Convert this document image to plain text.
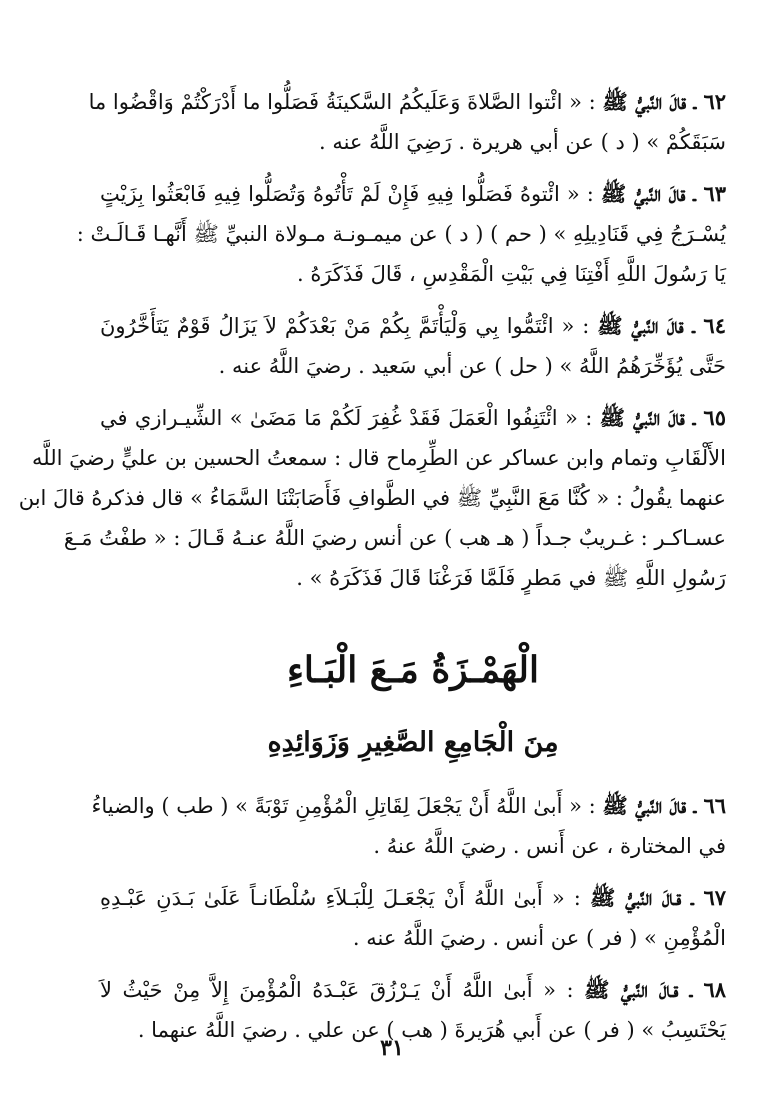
٦٢ ـ قالَ النَّبيُّ ﷺ : « ائْتوا الصَّلاةَ وَعَلَيكُمُ السَّكينَةُ فَصَلُّوا ما أَدْرَكْتُمْ وَاقْضُوا ما
سَبَقَكُمْ » ( د ) عن أبي هريرة . رَضِيَ اللَّهُ عنه .
٦٣ ـ قالَ النَّبيُّ ﷺ : « ائْتوهُ فَصَلُّوا فِيهِ فَإِنْ لَمْ تَأْتُوهُ وَتُصَلُّوا فِيهِ فَابْعَثُوا بِزَيْتٍ
يُسْـرَجُ فِي قَنَادِيلِهِ » ( حم ) ( د ) عن ميمـونـة مـولاة النبيِّ ﷺ أَنَّهـا قَـالَـتْ :
يَا رَسُولَ اللَّهِ أَفْتِنَا فِي بَيْتِ الْمَقْدِسِ ، قَالَ فَذَكَرَهُ .
٦٤ ـ قالَ النَّبيُّ ﷺ : « ائْتَمُّوا بِي وَلْيَأْتَمَّ بِكُمْ مَنْ بَعْدَكُمْ لاَ يَزَالُ قَوْمٌ يَتَأَخَّرُونَ
حَتَّى يُؤَخِّرَهُمُ اللَّهُ » ( حل ) عن أبي سَعيد . رضيَ اللَّهُ عنه .
٦٥ ـ قالَ النَّبيُّ ﷺ : « ائْتَنِفُوا الْعَمَلَ فَقَدْ غُفِرَ لَكُمْ مَا مَضَىٰ » الشِّيـرازي في
الأَلْقَابِ وتمام وابن عساكر عن الطِّرِماح قال : سمعتُ الحسين بن عليٍّ رضيَ اللَّه
عنهما يقُولُ : « كُنَّا مَعَ النَّبِيِّ ﷺ في الطَّوافِ فَأَصَابَتْنَا السَّمَاءُ » قال فذكرهُ قالَ ابن
عسـاكـر : غـريبٌ جـداً ( هـ هب ) عن أنس رضيَ اللَّهُ عنـهُ قَـالَ : « طفْتُ مَـعَ
رَسُولِ اللَّهِ ﷺ في مَطرٍ فَلَمَّا فَرَغْنَا قَالَ فَذَكَرَهُ » .
الْهَمْـزَةُ مَـعَ الْبَـاءِ
مِنَ الْجَامِعِ الصَّغِيرِ وَزَوَائِدِهِ
٦٦ ـ قالَ النَّبيُّ ﷺ : « أَبىٰ اللَّهُ أَنْ يَجْعَلَ لِقَاتِلِ الْمُؤْمِنِ تَوْبَةً » ( طب ) والضياءُ
في المختارة ، عن أَنس . رضيَ اللَّهُ عنهُ .
٦٧ ـ قـالَ النَّبيُّ ﷺ : « أَبىٰ اللَّهُ أَنْ يَجْعَـلَ لِلْبَـلاَءِ سُلْطَانـاً عَلَىٰ بَـدَنِ عَبْـدِهِ
الْمُؤْمِنِ » ( فر ) عن أنس . رضيَ اللَّهُ عنه .
٦٨ ـ قـالَ النَّبيُّ ﷺ : « أَبىٰ اللَّهُ أَنْ يَـرْزُقَ عَبْـدَهُ الْمُؤْمِنَ إِلاَّ مِنْ حَيْثُ لاَ
يَحْتَسِبُ » ( فر ) عن أَبي هُرَيرةَ ( هب ) عن علي . رضيَ اللَّهُ عنهما .
٣١
